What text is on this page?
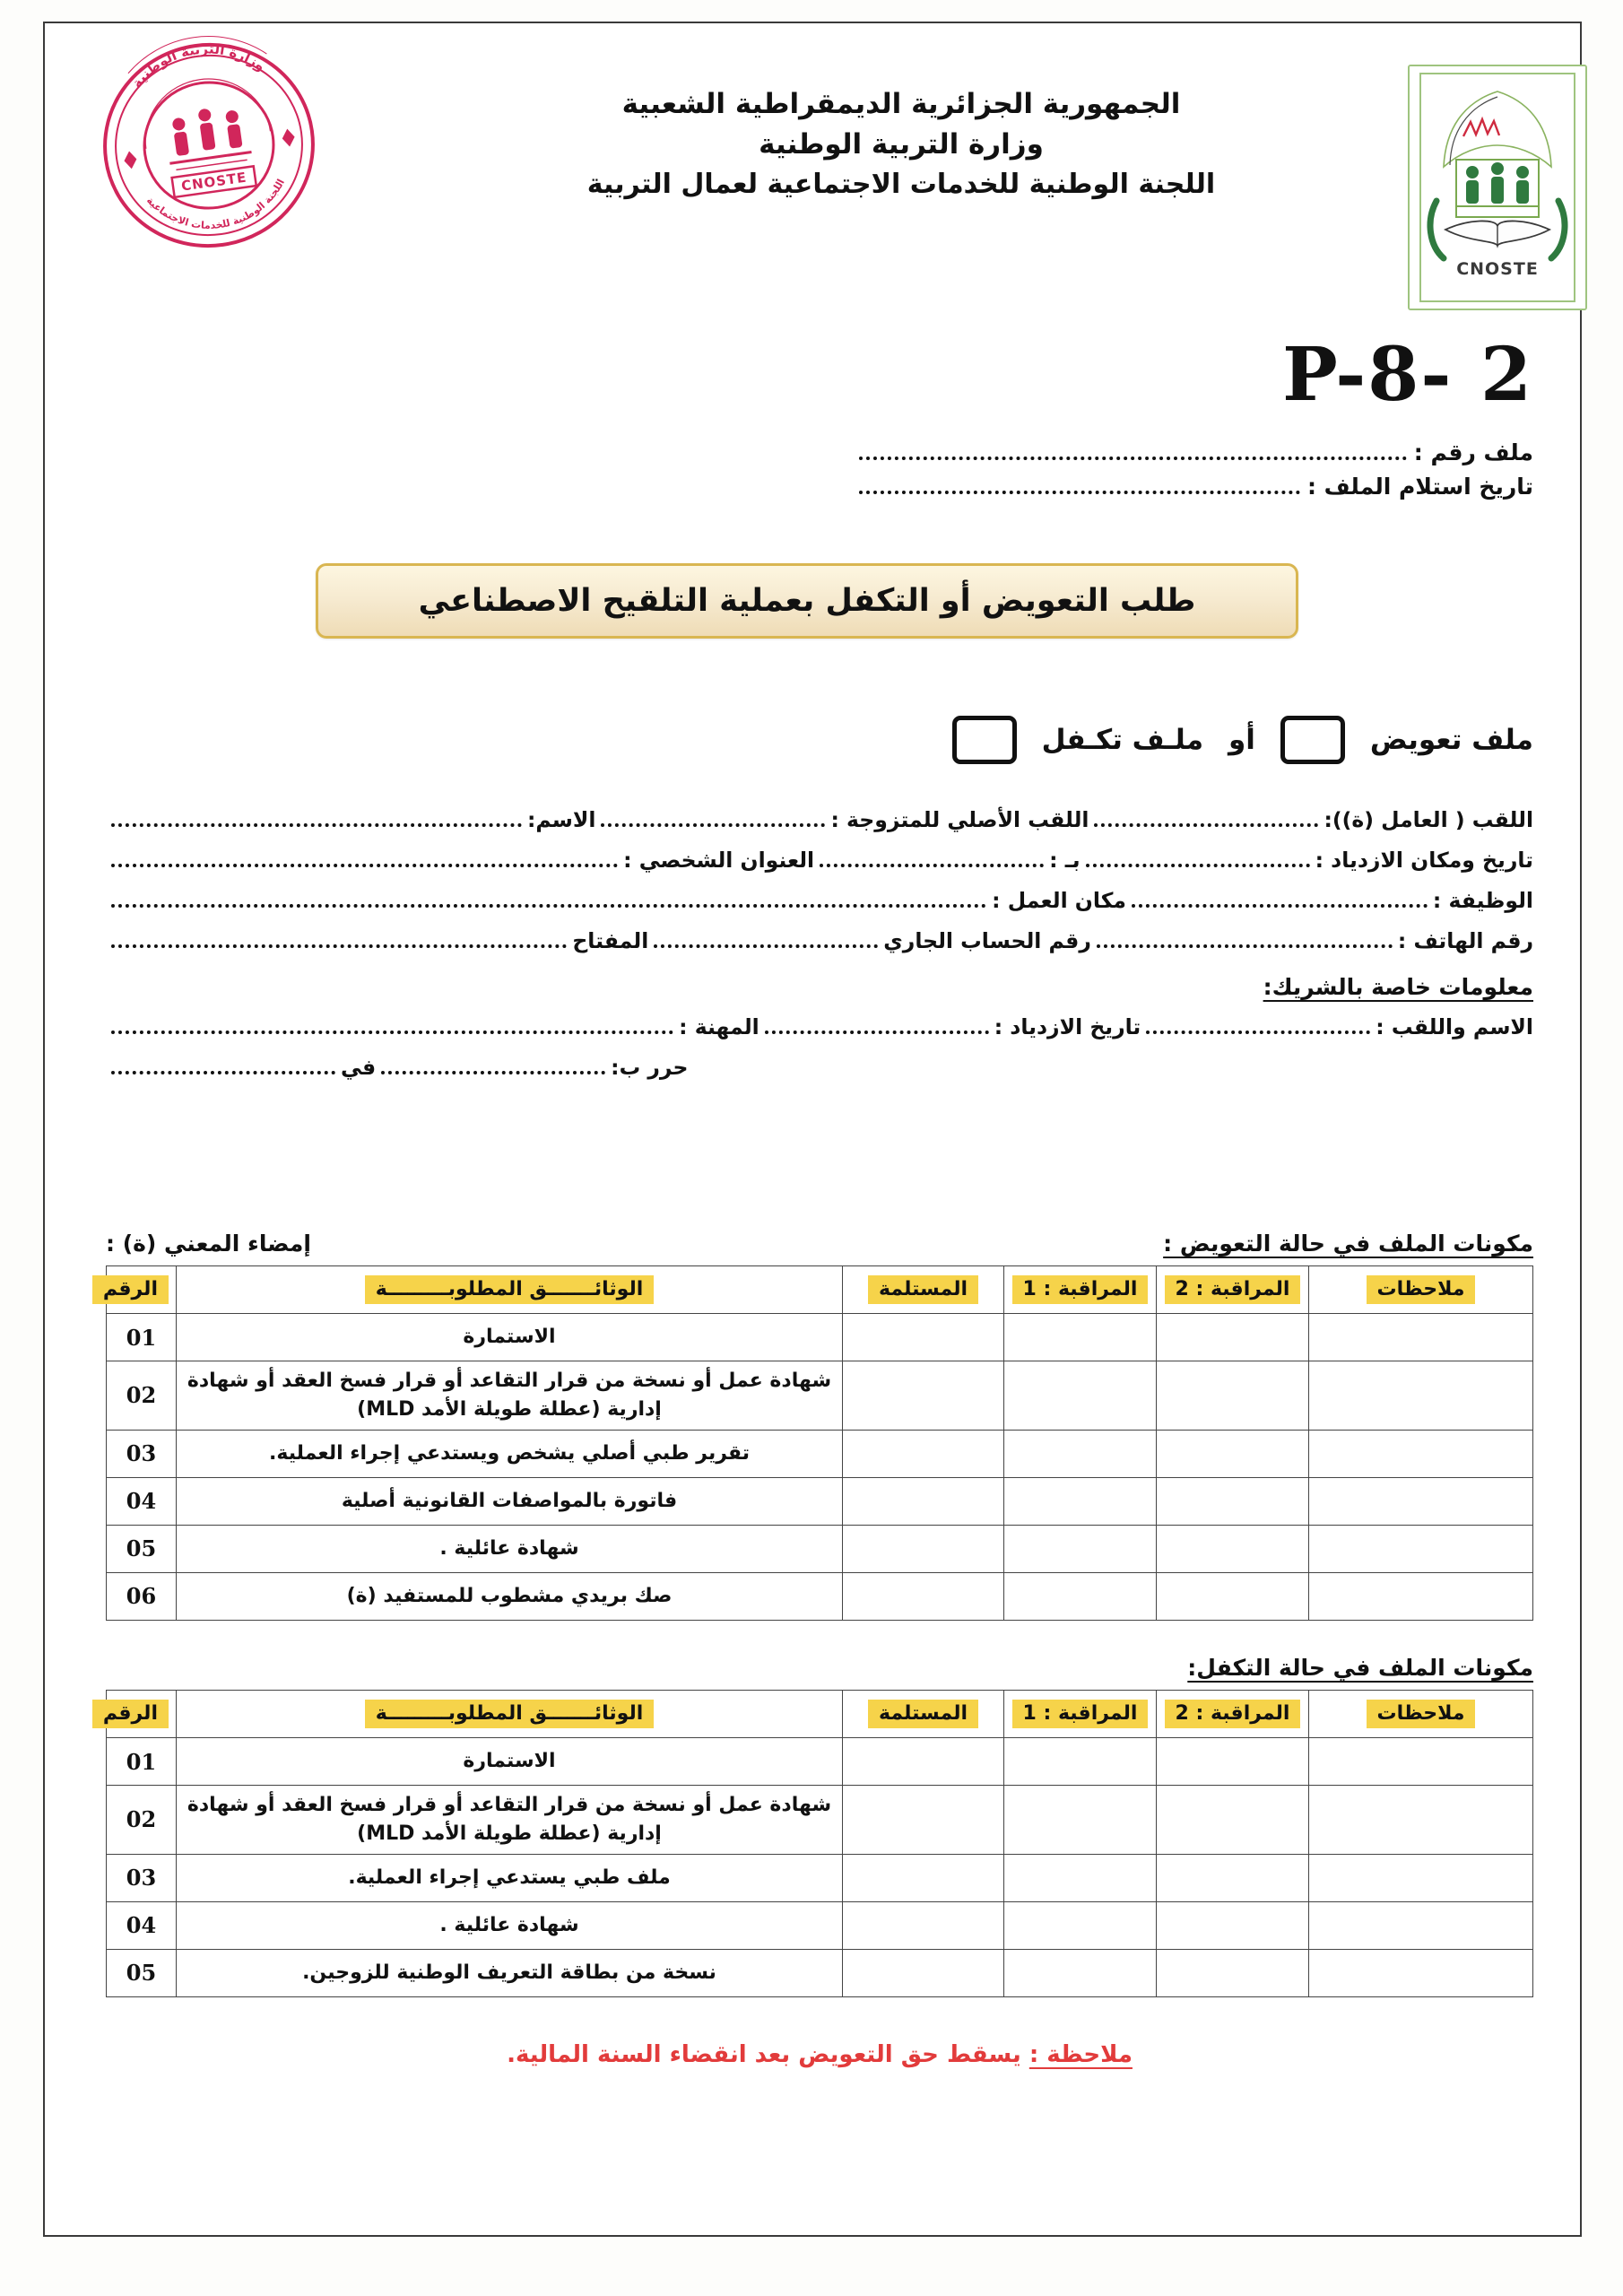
CNOSTE
الجمهورية الجزائرية الديمقراطية الشعبية
وزارة التربية الوطنية
اللجنة الوطنية للخدمات الاجتماعية لعمال التربية
CNOSTE
وزارة التربية الوطنية
اللجنة الوطنية للخدمات الاجتماعية
P-8- 2
ملف رقم :
تاريخ استلام الملف :
طلب التعويض أو التكفل بعملية التلقيح الاصطناعي
ملف تعويض
أو
ملـف تكـفل
اللقب ( العامل (ة)):
اللقب الأصلي للمتزوجة :
الاسم:
تاريخ ومكان الازدياد :
بـ :
العنوان الشخصي :
الوظيفة :
مكان العمل :
رقم الهاتف :
رقم الحساب الجاري
المفتاح
معلومات خاصة بالشريك:
الاسم واللقب :
تاريخ الازدياد :
المهنة :
حرر ب:
في
مكونات الملف في حالة التعويض :
إمضاء المعني (ة) :
ملاحظات	المراقبة : 2	المراقبة : 1	المستلمة	الوثائـــــــق المطلوبـــــــــة	الرقم
				الاستمارة	01
				شهادة عمل أو نسخة من قرار التقاعد أو قرار فسخ العقد أو شهادة إدارية (عطلة طويلة الأمد MLD)	02
				تقرير طبي أصلي يشخص ويستدعي إجراء العملية.	03
				فاتورة بالمواصفات القانونية أصلية	04
				شهادة عائلية .	05
				صك بريدي مشطوب للمستفيد (ة)	06
مكونات الملف في حالة التكفل:
ملاحظات	المراقبة : 2	المراقبة : 1	المستلمة	الوثائـــــــق المطلوبـــــــــة	الرقم
				الاستمارة	01
				شهادة عمل أو نسخة من قرار التقاعد أو قرار فسخ العقد أو شهادة إدارية (عطلة طويلة الأمد MLD)	02
				ملف طبي يستدعي إجراء العملية.	03
				شهادة عائلية .	04
				نسخة من بطاقة التعريف الوطنية للزوجين.	05
ملاحظة : يسقط حق التعويض بعد انقضاء السنة المالية.
